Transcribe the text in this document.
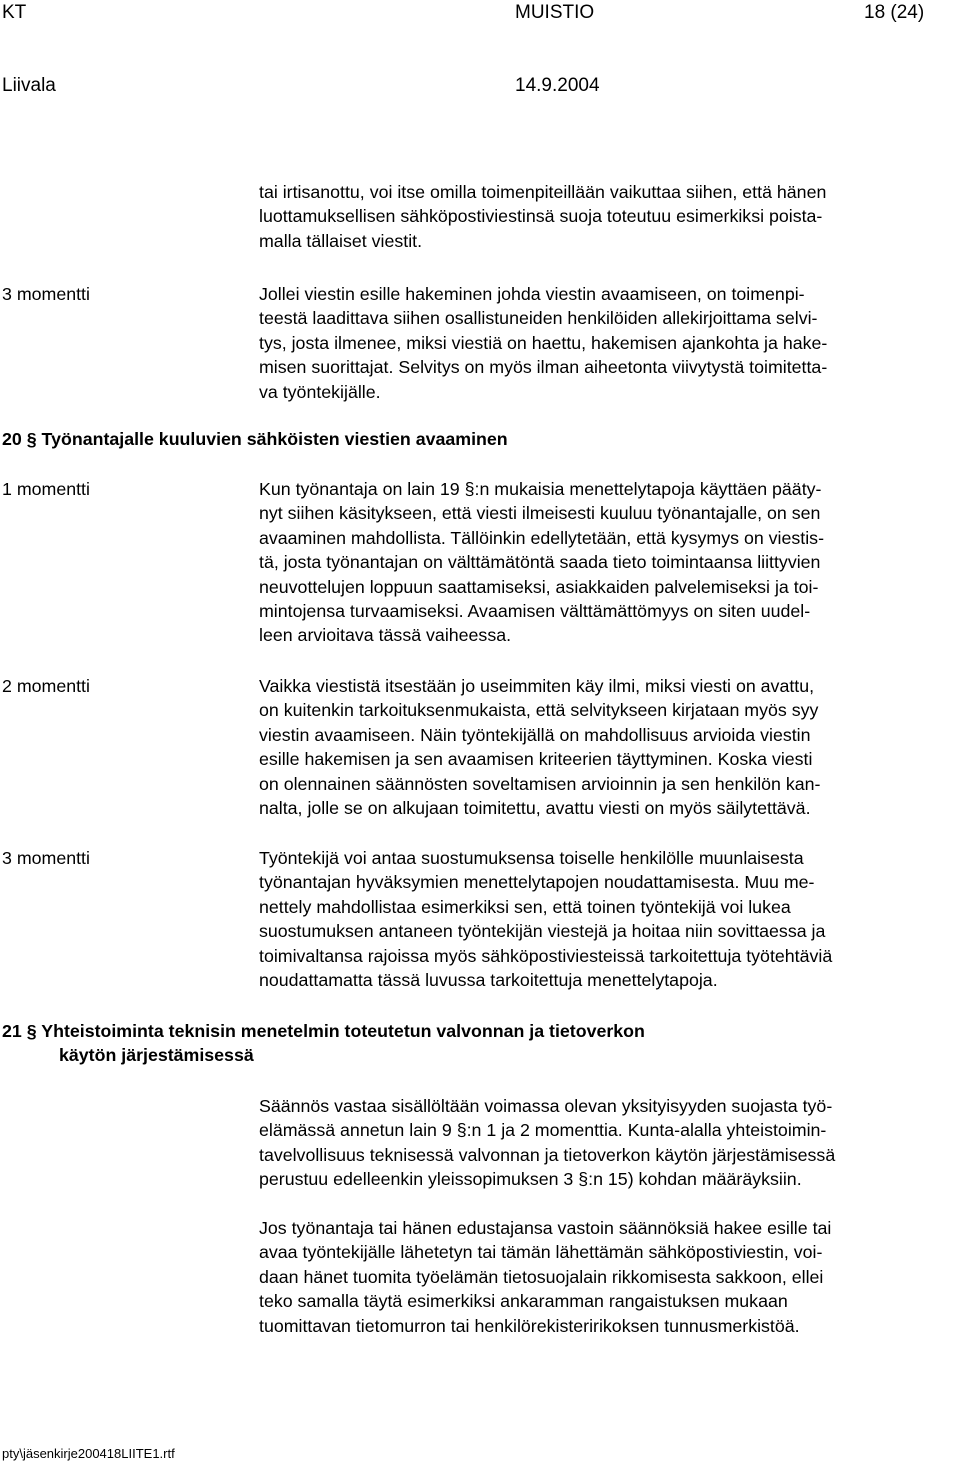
KT	MUISTIO	18 (24)
Liivala	14.9.2004
tai irtisanottu, voi itse omilla toimenpiteillään vaikuttaa siihen, että hänen
luottamuksellisen sähköpostiviestinsä suoja toteutuu esimerkiksi poista-
malla tällaiset viestit.
3 momentti	Jollei viestin esille hakeminen johda viestin avaamiseen, on toimenpi-
teestä laadittava siihen osallistuneiden henkilöiden allekirjoittama selvi-
tys, josta ilmenee, miksi viestiä on haettu, hakemisen ajankohta ja hake-
misen suorittajat. Selvitys on myös ilman aiheetonta viivytystä toimitetta-
va työntekijälle.
20 § Työnantajalle kuuluvien sähköisten viestien avaaminen
1 momentti	Kun työnantaja on lain 19 §:n mukaisia menettelytapoja käyttäen pääty-
nyt siihen käsitykseen, että viesti ilmeisesti kuuluu työnantajalle, on sen
avaaminen mahdollista. Tällöinkin edellytetään, että kysymys on viestis-
tä, josta työnantajan on välttämätöntä saada tieto toimintaansa liittyvien
neuvottelujen loppuun saattamiseksi, asiakkaiden palvelemiseksi ja toi-
mintojensa turvaamiseksi. Avaamisen välttämättömyys on siten uudel-
leen arvioitava tässä vaiheessa.
2 momentti	Vaikka viestistä itsestään jo useimmiten käy ilmi, miksi viesti on avattu,
on kuitenkin tarkoituksenmukaista, että selvitykseen kirjataan myös syy
viestin avaamiseen. Näin työntekijällä on mahdollisuus arvioida viestin
esille hakemisen ja sen avaamisen kriteerien täyttyminen. Koska viesti
on olennainen säännösten soveltamisen arvioinnin ja sen henkilön kan-
nalta, jolle se on alkujaan toimitettu, avattu viesti on myös säilytettävä.
3 momentti	Työntekijä voi antaa suostumuksensa toiselle henkilölle muunlaisesta
työnantajan hyväksymien menettelytapojen noudattamisesta. Muu me-
nettely mahdollistaa esimerkiksi sen, että toinen työntekijä voi lukea
suostumuksen antaneen työntekijän viestejä ja hoitaa niin sovittaessa ja
toimivaltansa rajoissa myös sähköpostiviesteissä tarkoitettuja työtehtäviä
noudattamatta tässä luvussa tarkoitettuja menettelytapoja.
21 § Yhteistoiminta teknisin menetelmin toteutetun valvonnan ja tietoverkon
käytön järjestämisessä
Säännös vastaa sisällöltään voimassa olevan yksityisyyden suojasta työ-
elämässä annetun lain 9 §:n 1 ja 2 momenttia. Kunta-alalla yhteistoimin-
tavelvollisuus teknisessä valvonnan ja tietoverkon käytön järjestämisessä
perustuu edelleenkin yleissopimuksen 3 §:n 15) kohdan määräyksiin.
Jos työnantaja tai hänen edustajansa vastoin säännöksiä hakee esille tai
avaa työntekijälle lähetetyn tai tämän lähettämän sähköpostiviestin, voi-
daan hänet tuomita työelämän tietosuojalain rikkomisesta sakkoon, ellei
teko samalla täytä esimerkiksi ankaramman rangaistuksen mukaan
tuomittavan tietomurron tai henkilörekisteririkoksen tunnusmerkistöä.
pty\jäsenkirje200418LIITE1.rtf
